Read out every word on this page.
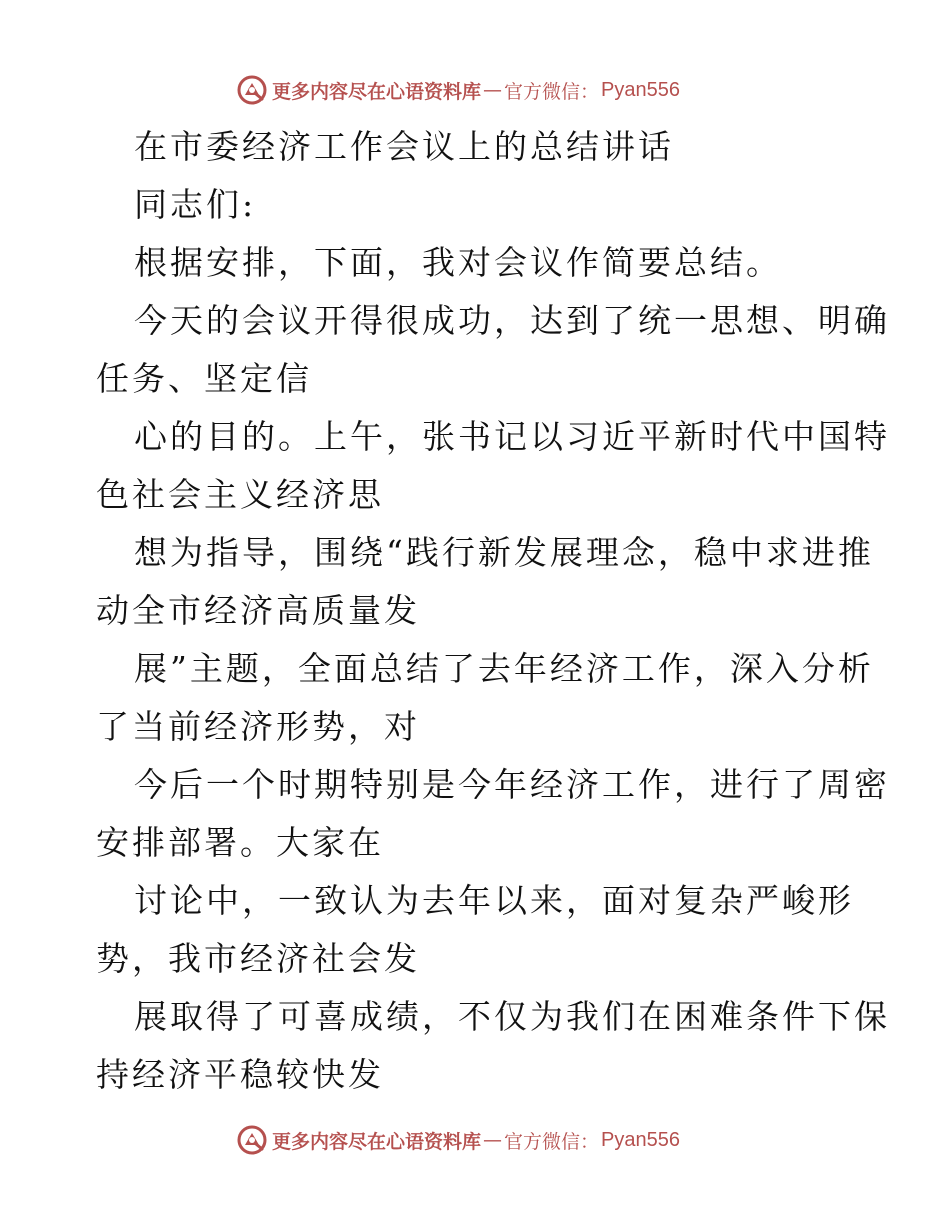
更多内容尽在心语资料库 — 官方微信： Pyan556
在市委经济工作会议上的总结讲话
同志们:
根据安排，下面，我对会议作简要总结。
今天的会议开得很成功，达到了统一思想、明确
任务、坚定信
心的目的。上午，张书记以习近平新时代中国特
色社会主义经济思
想为指导，围绕“践行新发展理念，稳中求进推
动全市经济高质量发
展”主题，全面总结了去年经济工作，深入分析
了当前经济形势，对
今后一个时期特别是今年经济工作，进行了周密
安排部署。大家在
讨论中，一致认为去年以来，面对复杂严峻形
势，我市经济社会发
展取得了可喜成绩，不仅为我们在困难条件下保
持经济平稳较快发
更多内容尽在心语资料库 — 官方微信： Pyan556
